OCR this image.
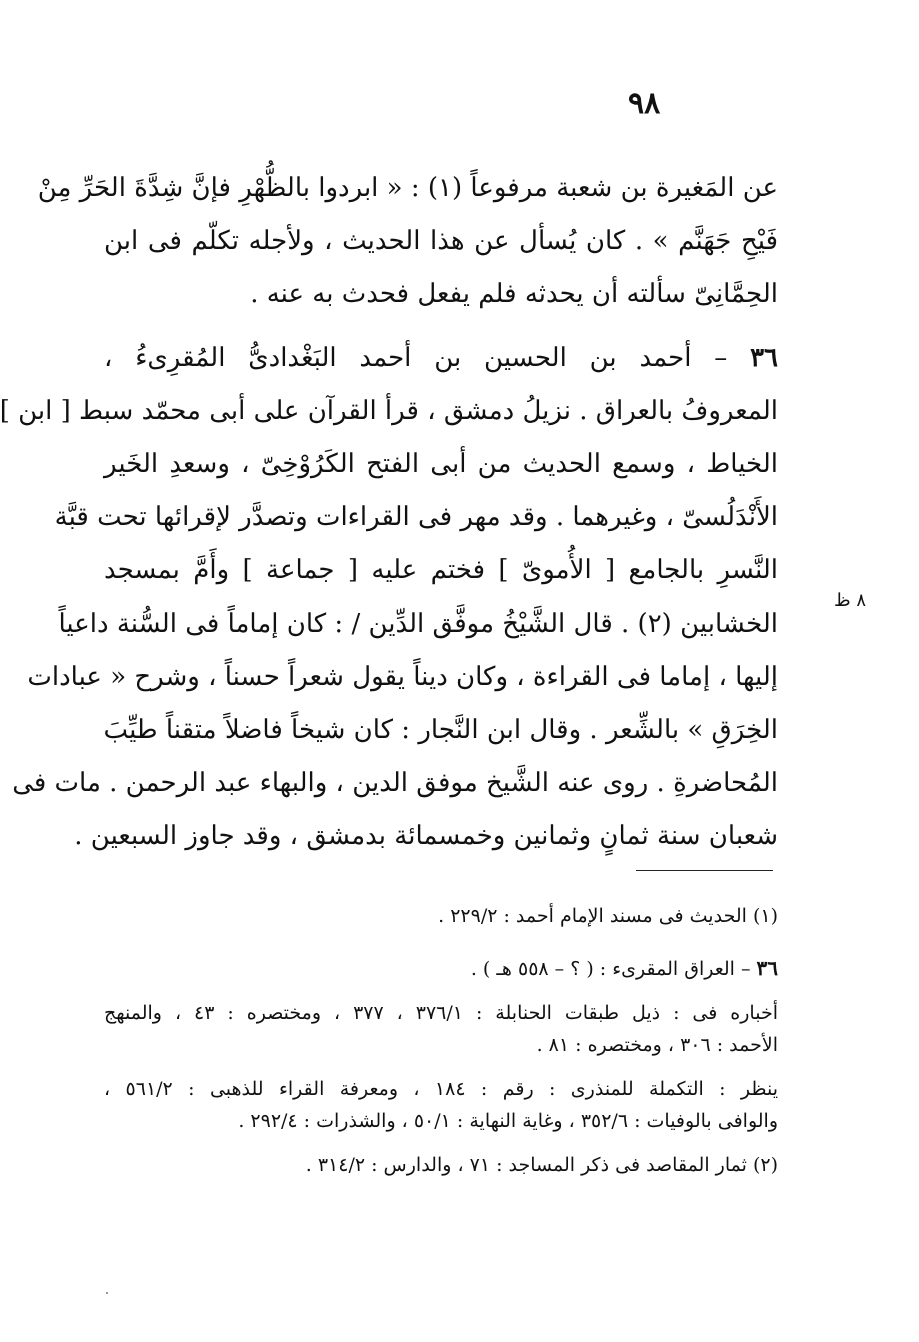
٩٨
٨ ظ
عن المَغيرة بن شعبة مرفوعاً (١) : « ابردوا بالظُّهْرِ فإنَّ شِدَّةَ الحَرِّ مِنْ
فَيْحِ جَهَنَّم » . كان يُسأل عن هذا الحديث ، ولأجله تكلّم فى ابن
الحِمَّانِىّ سألته أن يحدثه فلم يفعل فحدث به عنه .
٣٦ – أحمد بن الحسين بن أحمد البَغْدادىُّ المُقرِىءُ ،
المعروفُ بالعراق . نزيلُ دمشق ، قرأ القرآن على أبى محمّد سبط [ ابن ]
الخياط ، وسمع الحديث من أبى الفتح الكَرُوْخِىّ ، وسعدِ الخَير
الأَنْدَلُسىّ ، وغيرهما . وقد مهر فى القراءات وتصدَّر لإقرائها تحت قبَّة
النَّسرِ بالجامع [ الأُموىّ ] فختم عليه [ جماعة ] وأَمَّ بمسجد
الخشابين (٢) . قال الشَّيْخُ موفَّق الدِّين / : كان إماماً فى السُّنة داعياً
إليها ، إماما فى القراءة ، وكان ديناً يقول شعراً حسناً ، وشرح « عبادات
الخِرَقِ » بالشِّعر . وقال ابن النَّجار : كان شيخاً فاضلاً متقناً طيِّبَ
المُحاضرةِ . روى عنه الشَّيخ موفق الدين ، والبهاء عبد الرحمن . مات فى
شعبان سنة ثمانٍ وثمانين وخمسمائة بدمشق ، وقد جاوز السبعين .
(١) الحديث فى مسند الإمام أحمد : ٢٢٩/٢ .
٣٦ – العراق المقرىء : ( ؟ – ٥٥٨ هـ ) .
أخباره فى : ذيل طبقات الحنابلة : ٣٧٦/١ ، ٣٧٧ ، ومختصره : ٤٣ ، والمنهج
الأحمد : ٣٠٦ ، ومختصره : ٨١ .
ينظر : التكملة للمنذرى : رقم : ١٨٤ ، ومعرفة القراء للذهبى : ٥٦١/٢ ،
والوافى بالوفيات : ٣٥٢/٦ ، وغاية النهاية : ٥٠/١ ، والشذرات : ٢٩٢/٤ .
(٢) ثمار المقاصد فى ذكر المساجد : ٧١ ، والدارس : ٣١٤/٢ .
